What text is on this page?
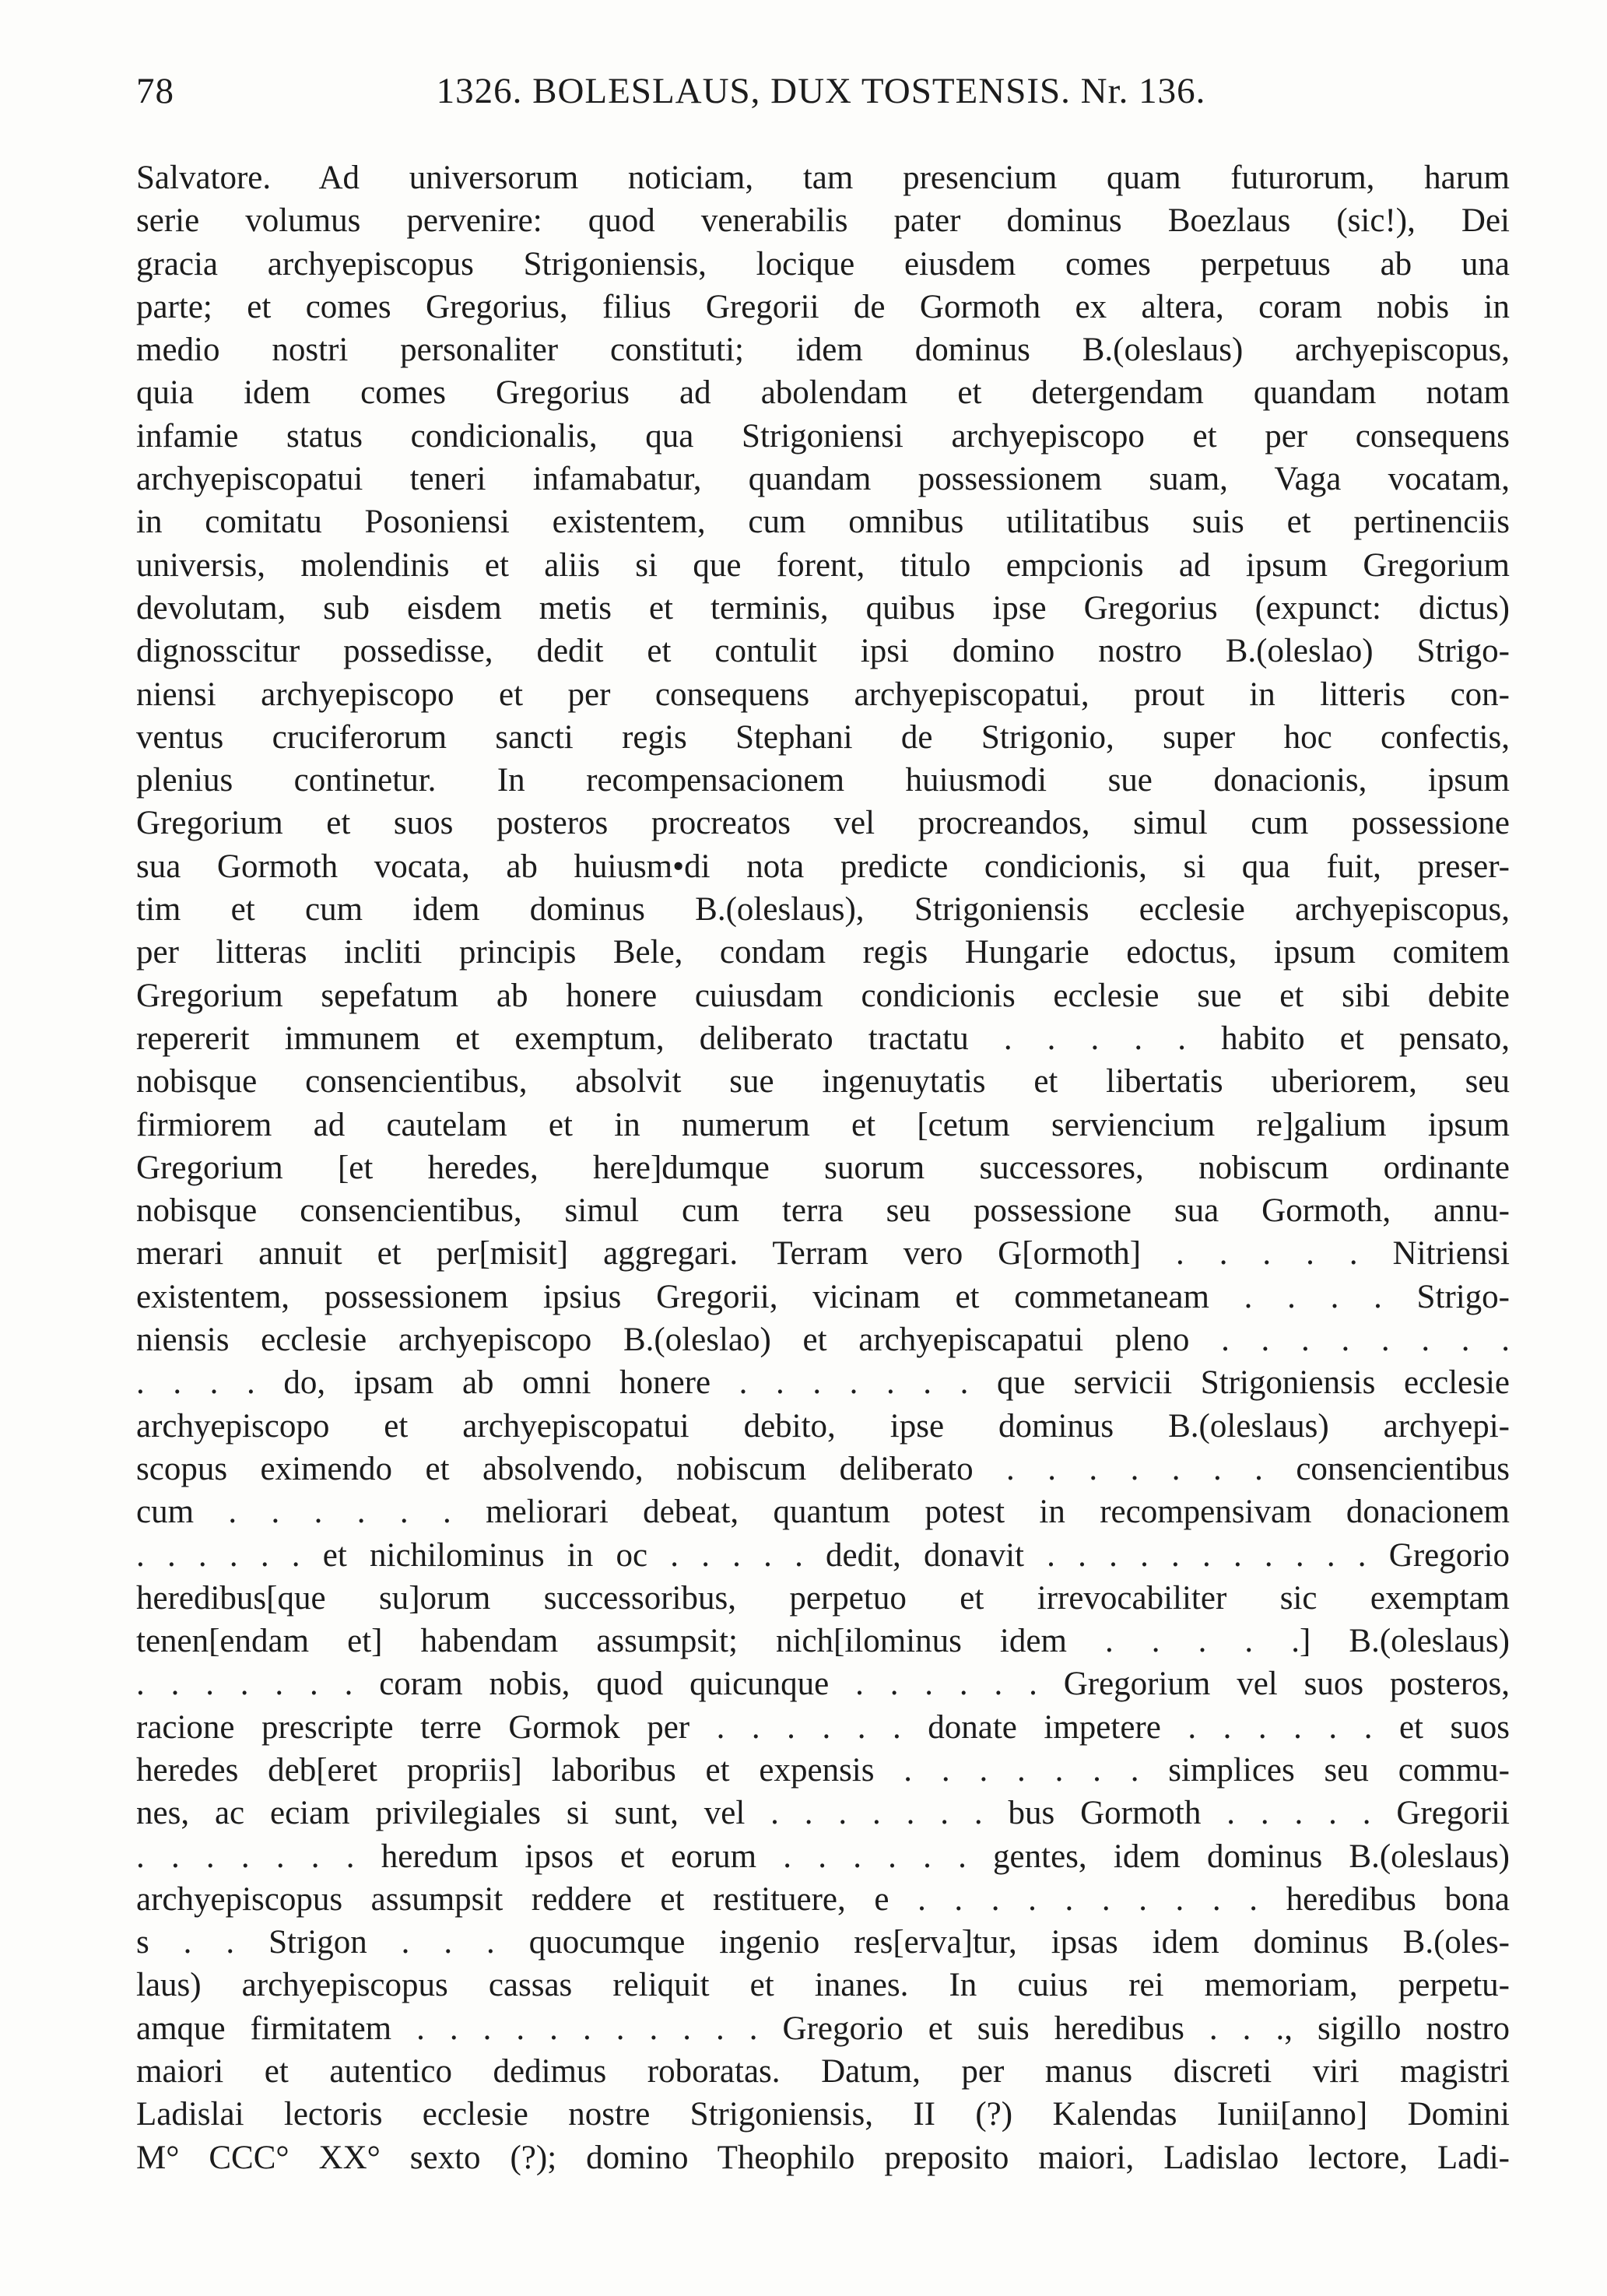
78	1326. BOLESLAUS, DUX TOSTENSIS. Nr. 136.
Salvatore. Ad universorum noticiam, tam presencium quam futurorum, harum
serie volumus pervenire: quod venerabilis pater dominus Boezlaus (sic!), Dei
gracia archyepiscopus Strigoniensis, locique eiusdem comes perpetuus ab una
parte; et comes Gregorius, filius Gregorii de Gormoth ex altera, coram nobis in
medio nostri personaliter constituti; idem dominus B.(oleslaus) archyepiscopus,
quia idem comes Gregorius ad abolendam et detergendam quandam notam
infamie status condicionalis, qua Strigoniensi archyepiscopo et per consequens
archyepiscopatui teneri infamabatur, quandam possessionem suam, Vaga vocatam,
in comitatu Posoniensi existentem, cum omnibus utilitatibus suis et pertinenciis
universis, molendinis et aliis si que forent, titulo empcionis ad ipsum Gregorium
devolutam, sub eisdem metis et terminis, quibus ipse Gregorius (expunct: dictus)
dignosscitur possedisse, dedit et contulit ipsi domino nostro B.(oleslao) Strigo-
niensi archyepiscopo et per consequens archyepiscopatui, prout in litteris con-
ventus cruciferorum sancti regis Stephani de Strigonio, super hoc confectis,
plenius continetur. In recompensacionem huiusmodi sue donacionis, ipsum
Gregorium et suos posteros procreatos vel procreandos, simul cum possessione
sua Gormoth vocata, ab huiusm•di nota predicte condicionis, si qua fuit, preser-
tim et cum idem dominus B.(oleslaus), Strigoniensis ecclesie archyepiscopus,
per litteras incliti principis Bele, condam regis Hungarie edoctus, ipsum comitem
Gregorium sepefatum ab honere cuiusdam condicionis ecclesie sue et sibi debite
repererit immunem et exemptum, deliberato tractatu . . . . . habito et pensato,
nobisque consencientibus, absolvit sue ingenuytatis et libertatis uberiorem, seu
firmiorem ad cautelam et in numerum et [cetum serviencium re]galium ipsum
Gregorium [et heredes, here]dumque suorum successores, nobiscum ordinante
nobisque consencientibus, simul cum terra seu possessione sua Gormoth, annu-
merari annuit et per[misit] aggregari. Terram vero G[ormoth] . . . . . Nitriensi
existentem, possessionem ipsius Gregorii, vicinam et commetaneam . . . . Strigo-
niensis ecclesie archyepiscopo B.(oleslao) et archyepiscapatui pleno . . . . . . . .
. . . . do, ipsam ab omni honere . . . . . . . que servicii Strigoniensis ecclesie
archyepiscopo et archyepiscopatui debito, ipse dominus B.(oleslaus) archyepi-
scopus eximendo et absolvendo, nobiscum deliberato . . . . . . . consencientibus
cum . . . . . . meliorari debeat, quantum potest in recompensivam donacionem
. . . . . . et nichilominus in oc . . . . . dedit, donavit . . . . . . . . . . . Gregorio
heredibus[que su]orum successoribus, perpetuo et irrevocabiliter sic exemptam
tenen[endam et] habendam assumpsit; nich[ilominus idem . . . . .] B.(oleslaus)
. . . . . . . coram nobis, quod quicunque . . . . . . Gregorium vel suos posteros,
racione prescripte terre Gormok per . . . . . . donate impetere . . . . . . et suos
heredes deb[eret propriis] laboribus et expensis . . . . . . . simplices seu commu-
nes, ac eciam privilegiales si sunt, vel . . . . . . . bus Gormoth . . . . . Gregorii
. . . . . . . heredum ipsos et eorum . . . . . . gentes, idem dominus B.(oleslaus)
archyepiscopus assumpsit reddere et restituere, e . . . . . . . . . . heredibus bona
s . . Strigon . . . quocumque ingenio res[erva]tur, ipsas idem dominus B.(oles-
laus) archyepiscopus cassas reliquit et inanes. In cuius rei memoriam, perpetu-
amque firmitatem . . . . . . . . . . . Gregorio et suis heredibus . . ., sigillo nostro
maiori et autentico dedimus roboratas. Datum, per manus discreti viri magistri
Ladislai lectoris ecclesie nostre Strigoniensis, II (?) Kalendas Iunii[anno] Domini
M° CCC° XX° sexto (?); domino Theophilo preposito maiori, Ladislao lectore, Ladi-
